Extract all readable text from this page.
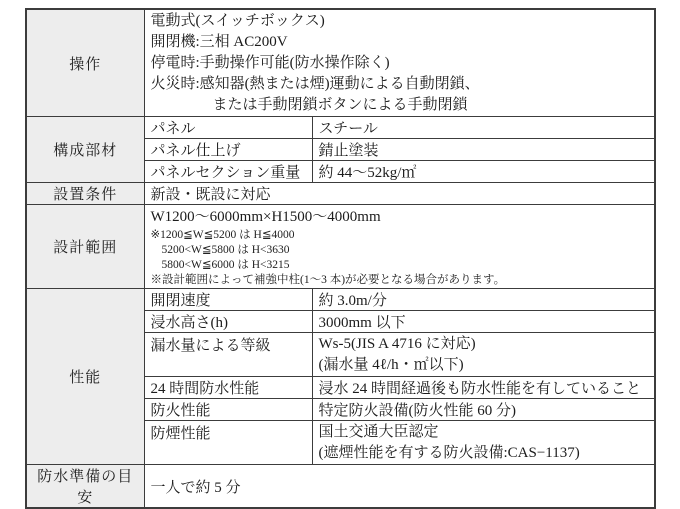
操作	電動式(スイッチボックス)
開閉機:三相 AC200V
停電時:手動操作可能(防水操作除く)
火災時:感知器(熱または煙)運動による自動閉鎖、
または手動閉鎖ボタンによる手動閉鎖	

構成部材	パネル	スチール
	パネル仕上げ	錆止塗装
	パネルセクション重量	約 44〜52kg/㎡
設置条件	新設・既設に対応	
設計範囲	W1200〜6000mm×H1500〜4000mm
※1200≦W≦5200 は H≦4000
5200<W≦5800 は H<3630
5800<W≦6000 は H<3215
※設計範囲によって補強中柱(1〜3 本)が必要となる場合があります。	

性能	開閉速度	約 3.0m/分
	浸水高さ(h)	3000mm 以下
	漏水量による等級	Ws-5(JIS A 4716 に対応)
(漏水量 4ℓ/h・㎡以下)

	24 時間防水性能	浸水 24 時間経過後も防水性能を有していること
	防火性能	特定防火設備(防火性能 60 分)
	防煙性能	国土交通大臣認定
(遮煙性能を有する防火設備:CAS−1137)

防水準備の目安	一人で約 5 分	
